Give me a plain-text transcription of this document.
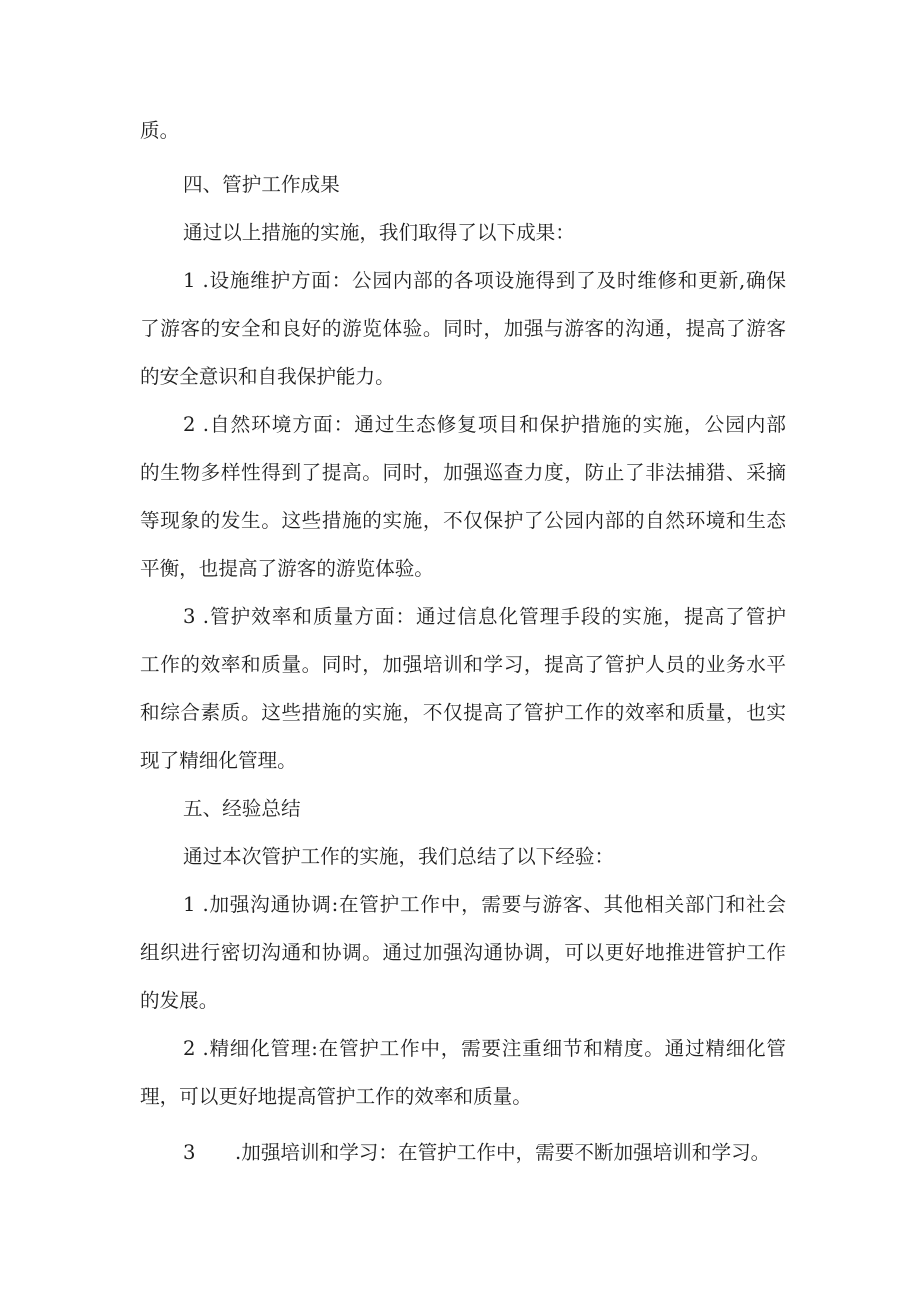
质。
四、管护工作成果
通过以上措施的实施，我们取得了以下成果：
1 .设施维护方面：公园内部的各项设施得到了及时维修和更新,确保
了游客的安全和良好的游览体验。同时，加强与游客的沟通，提高了游客
的安全意识和自我保护能力。
2 .自然环境方面：通过生态修复项目和保护措施的实施，公园内部
的生物多样性得到了提高。同时，加强巡查力度，防止了非法捕猎、采摘
等现象的发生。这些措施的实施，不仅保护了公园内部的自然环境和生态
平衡，也提高了游客的游览体验。
3 .管护效率和质量方面：通过信息化管理手段的实施，提高了管护
工作的效率和质量。同时，加强培训和学习，提高了管护人员的业务水平
和综合素质。这些措施的实施，不仅提高了管护工作的效率和质量，也实
现了精细化管理。
五、经验总结
通过本次管护工作的实施，我们总结了以下经验：
1 .加强沟通协调:在管护工作中，需要与游客、其他相关部门和社会
组织进行密切沟通和协调。通过加强沟通协调，可以更好地推进管护工作
的发展。
2 .精细化管理:在管护工作中，需要注重细节和精度。通过精细化管
理，可以更好地提高管护工作的效率和质量。
3 .加强培训和学习：在管护工作中，需要不断加强培训和学习。
